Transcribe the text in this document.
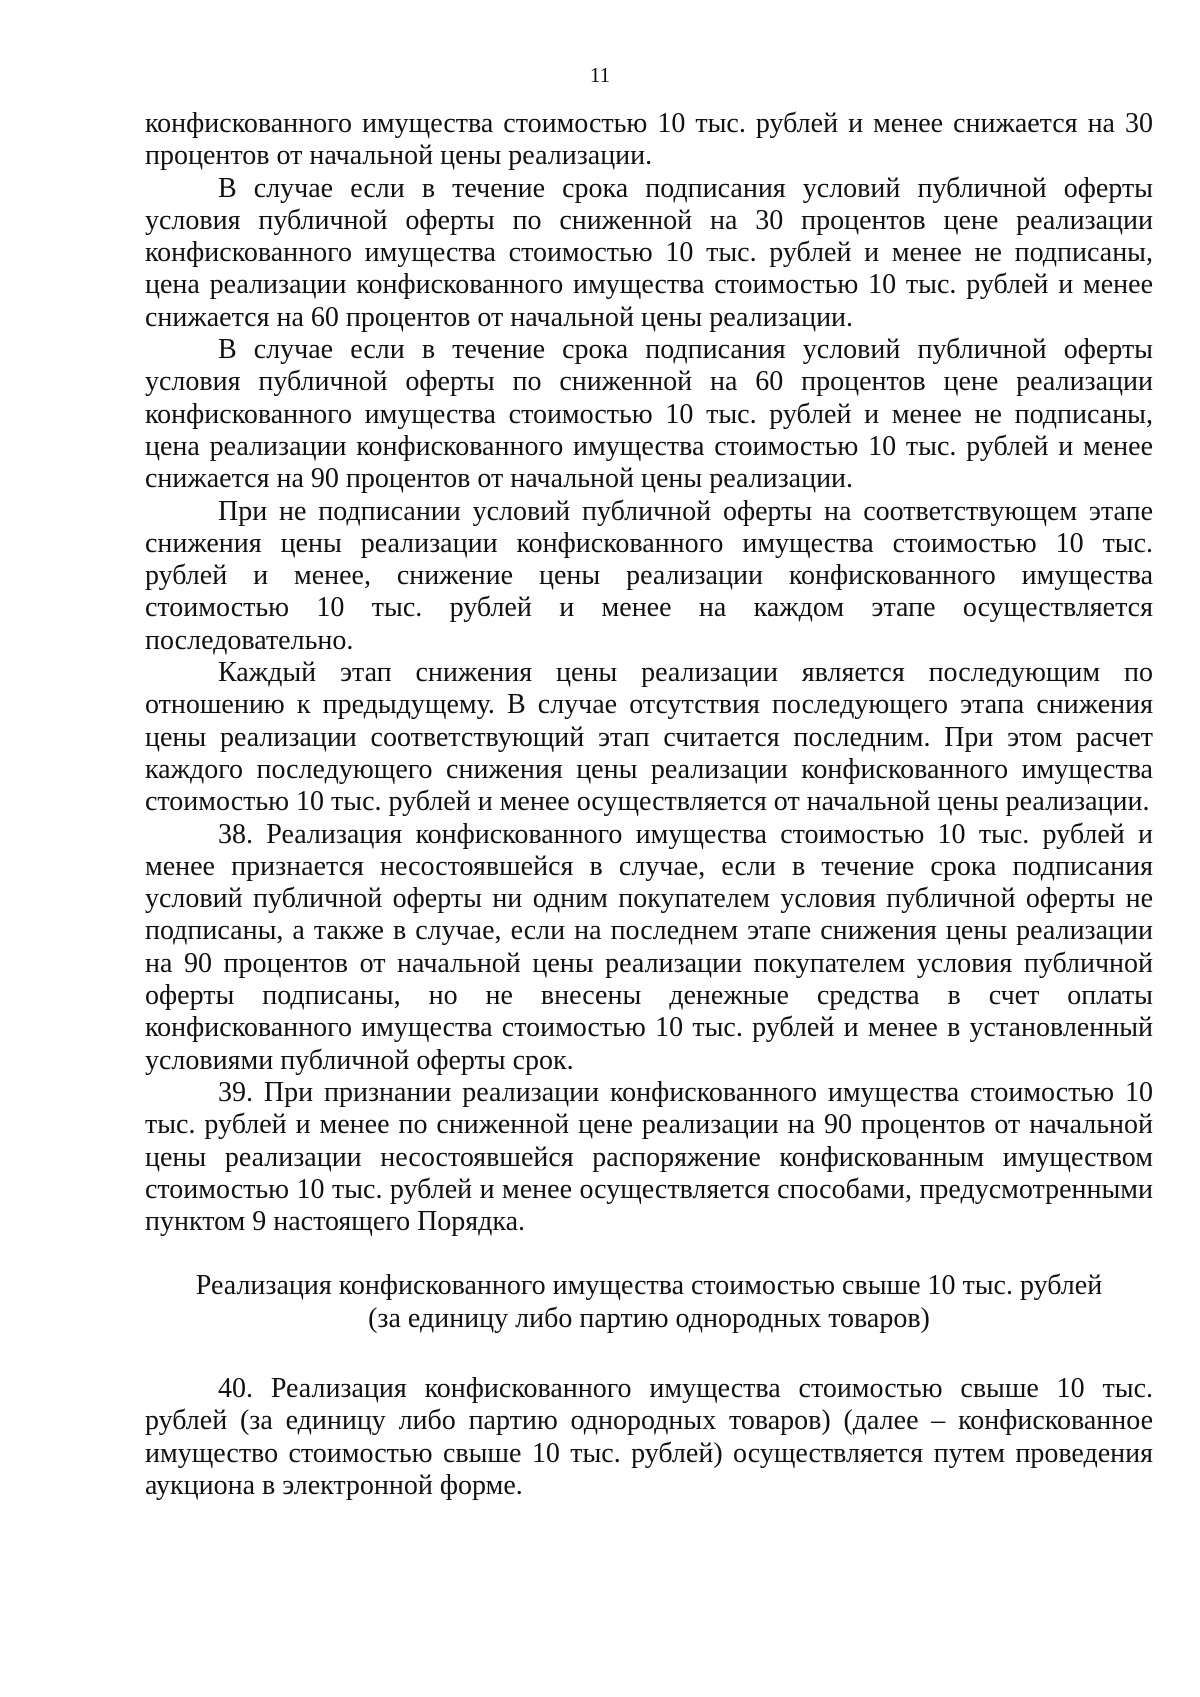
11

конфискованного имущества стоимостью 10 тыс. рублей и менее снижается на 30 процентов от начальной цены реализации.

В случае если в течение срока подписания условий публичной оферты условия публичной оферты по сниженной на 30 процентов цене реализации конфискованного имущества стоимостью 10 тыс. рублей и менее не подписаны, цена реализации конфискованного имущества стоимостью 10 тыс. рублей и менее снижается на 60 процентов от начальной цены реализации.

В случае если в течение срока подписания условий публичной оферты условия публичной оферты по сниженной на 60 процентов цене реализации конфискованного имущества стоимостью 10 тыс. рублей и менее не подписаны, цена реализации конфискованного имущества стоимостью 10 тыс. рублей и менее снижается на 90 процентов от начальной цены реализации.

При не подписании условий публичной оферты на соответствующем этапе снижения цены реализации конфискованного имущества стоимостью 10 тыс. рублей и менее, снижение цены реализации конфискованного имущества стоимостью 10 тыс. рублей и менее на каждом этапе осуществляется последовательно.

Каждый этап снижения цены реализации является последующим по отношению к предыдущему. В случае отсутствия последующего этапа снижения цены реализации соответствующий этап считается последним. При этом расчет каждого последующего снижения цены реализации конфискованного имущества стоимостью 10 тыс. рублей и менее осуществляется от начальной цены реализации.

38. Реализация конфискованного имущества стоимостью 10 тыс. рублей и менее признается несостоявшейся в случае, если в течение срока подписания условий публичной оферты ни одним покупателем условия публичной оферты не подписаны, а также в случае, если на последнем этапе снижения цены реализации на 90 процентов от начальной цены реализации покупателем условия публичной оферты подписаны, но не внесены денежные средства в счет оплаты конфискованного имущества стоимостью 10 тыс. рублей и менее в установленный условиями публичной оферты срок.

39. При признании реализации конфискованного имущества стоимостью 10 тыс. рублей и менее по сниженной цене реализации на 90 процентов от начальной цены реализации несостоявшейся распоряжение конфискованным имуществом стоимостью 10 тыс. рублей и менее осуществляется способами, предусмотренными пунктом 9 настоящего Порядка.

Реализация конфискованного имущества стоимостью свыше 10 тыс. рублей
(за единицу либо партию однородных товаров)

40. Реализация конфискованного имущества стоимостью свыше 10 тыс. рублей (за единицу либо партию однородных товаров) (далее – конфискованное имущество стоимостью свыше 10 тыс. рублей) осуществляется путем проведения аукциона в электронной форме.
